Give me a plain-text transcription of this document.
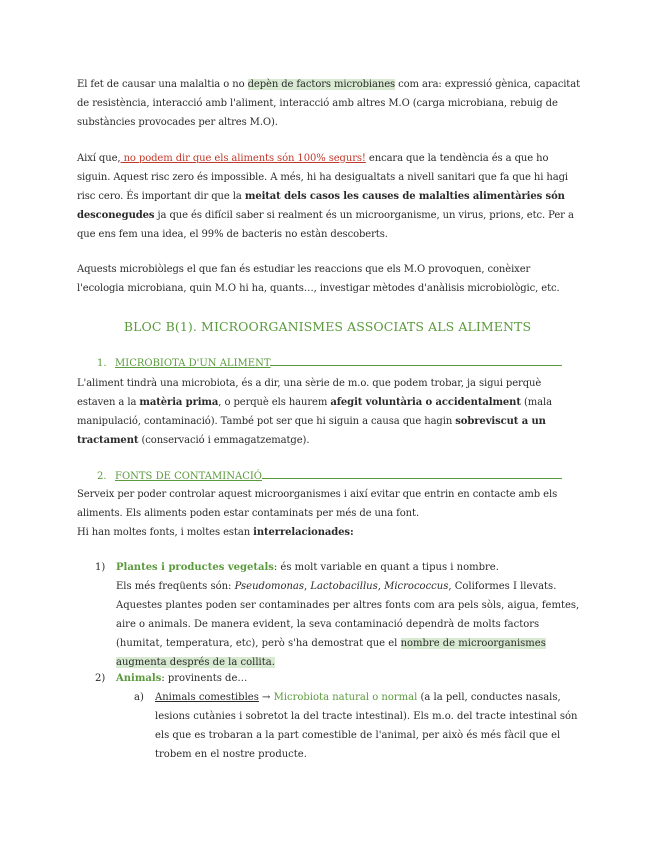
El fet de causar una malaltia o no depèn de factors microbianes com ara: expressió gènica, capacitat de resistència, interacció amb l'aliment, interacció amb altres M.O (carga microbiana, rebuig de substàncies provocades per altres M.O).

Així que, no podem dir que els aliments són 100% segurs! encara que la tendència és a que ho siguin. Aquest risc zero és impossible. A més, hi ha desigualtats a nivell sanitari que fa que hi hagi risc cero. És important dir que la meitat dels casos les causes de malalties alimentàries són desconegudes ja que és difícil saber si realment és un microorganisme, un virus, prions, etc. Per a que ens fem una idea, el 99% de bacteris no estàn descoberts.

Aquests microbiòlegs el que fan és estudiar les reaccions que els M.O provoquen, conèixer l'ecologia microbiana, quin M.O hi ha, quants…, investigar mètodes d'anàlisis microbiològic, etc.

BLOC B(1). MICROORGANISMES ASSOCIATS ALS ALIMENTS
1. MICROBIOTA D'UN ALIMENT

L'aliment tindrà una microbiota, és a dir, una sèrie de m.o. que podem trobar, ja sigui perquè estaven a la matèria prima, o perquè els haurem afegit voluntària o accidentalment (mala manipulació, contaminació). També pot ser que hi siguin a causa que hagin sobreviscut a un tractament (conservació i emmagatzematge).

2. FONTS DE CONTAMINACIÓ

Serveix per poder controlar aquest microorganismes i així evitar que entrin en contacte amb els aliments. Els aliments poden estar contaminats per més de una font.
Hi han moltes fonts, i moltes estan interrelacionades:

1) Plantes i productes vegetals: és molt variable en quant a tipus i nombre.
Els més freqüents són: Pseudomonas, Lactobacillus, Micrococcus, Coliformes I llevats. Aquestes plantes poden ser contaminades per altres fonts com ara pels sòls, aigua, femtes, aire o animals. De manera evident, la seva contaminació dependrà de molts factors (humitat, temperatura, etc), però s'ha demostrat que el nombre de microorganismes augmenta després de la collita.
2) Animals: provinents de…
a) Animals comestibles → Microbiota natural o normal (a la pell, conductes nasals, lesions cutànies i sobretot la del tracte intestinal). Els m.o. del tracte intestinal són els que es trobaran a la part comestible de l'animal, per això és més fàcil que el trobem en el nostre producte.
